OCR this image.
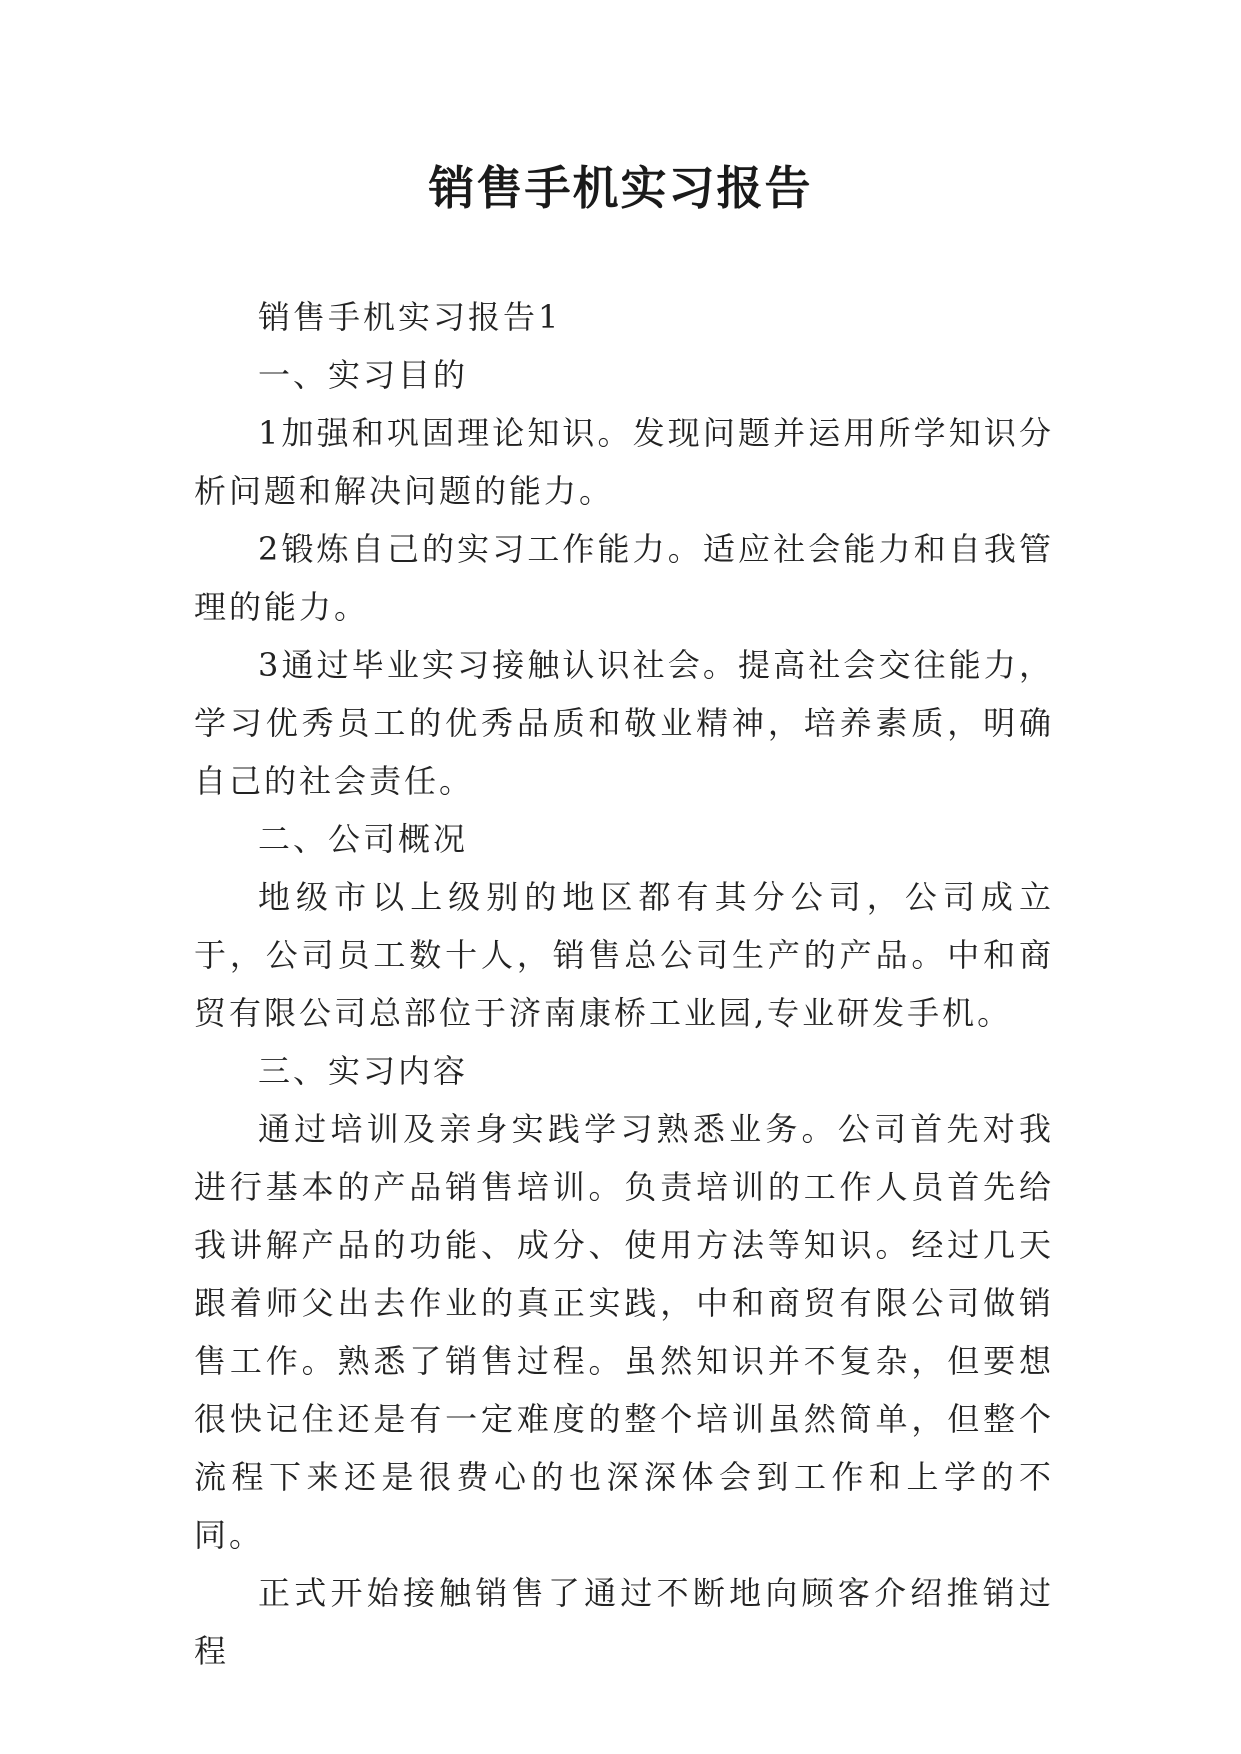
销售手机实习报告

销售手机实习报告1

一、实习目的

1加强和巩固理论知识。发现问题并运用所学知识分析问题和解决问题的能力。

2锻炼自己的实习工作能力。适应社会能力和自我管理的能力。

3通过毕业实习接触认识社会。提高社会交往能力，学习优秀员工的优秀品质和敬业精神，培养素质，明确自己的社会责任。

二、公司概况

地级市以上级别的地区都有其分公司，公司成立于，公司员工数十人，销售总公司生产的产品。中和商贸有限公司总部位于济南康桥工业园,专业研发手机。

三、实习内容

通过培训及亲身实践学习熟悉业务。公司首先对我进行基本的产品销售培训。负责培训的工作人员首先给我讲解产品的功能、成分、使用方法等知识。经过几天跟着师父出去作业的真正实践，中和商贸有限公司做销售工作。熟悉了销售过程。虽然知识并不复杂，但要想很快记住还是有一定难度的整个培训虽然简单，但整个流程下来还是很费心的也深深体会到工作和上学的不同。

正式开始接触销售了通过不断地向顾客介绍推销过程
